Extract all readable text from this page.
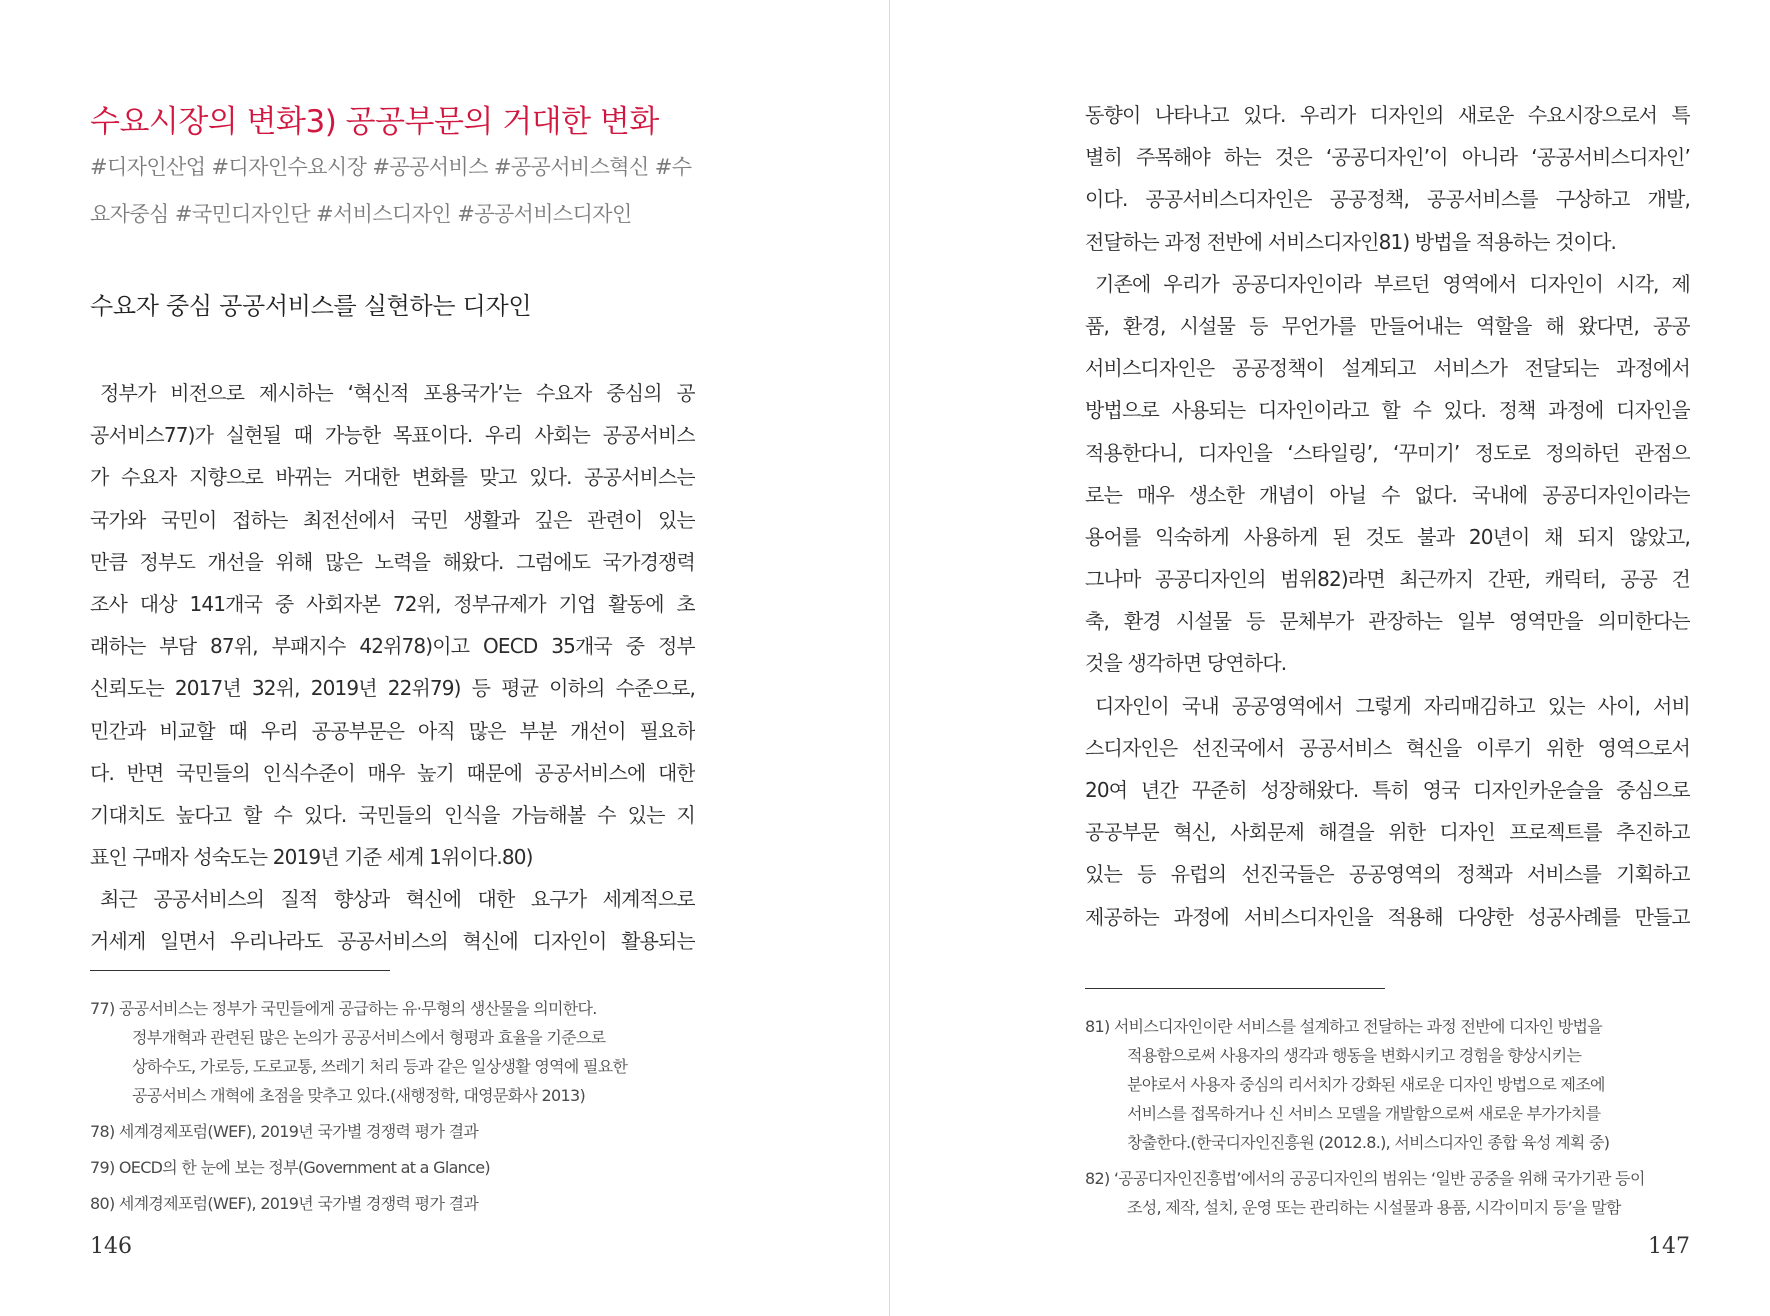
수요시장의 변화3) 공공부문의 거대한 변화

#디자인산업 #디자인수요시장 #공공서비스 #공공서비스혁신 #수
요자중심 #국민디자인단 #서비스디자인 #공공서비스디자인

수요자 중심 공공서비스를 실현하는 디자인
정부가 비전으로 제시하는 ‘혁신적 포용국가’는 수요자 중심의 공
공서비스77)가 실현될 때 가능한 목표이다. 우리 사회는 공공서비스
가 수요자 지향으로 바뀌는 거대한 변화를 맞고 있다. 공공서비스는
국가와 국민이 접하는 최전선에서 국민 생활과 깊은 관련이 있는
만큼 정부도 개선을 위해 많은 노력을 해왔다. 그럼에도 국가경쟁력
조사 대상 141개국 중 사회자본 72위, 정부규제가 기업 활동에 초
래하는 부담 87위, 부패지수 42위78)이고 OECD 35개국 중 정부
신뢰도는 2017년 32위, 2019년 22위79) 등 평균 이하의 수준으로,
민간과 비교할 때 우리 공공부문은 아직 많은 부분 개선이 필요하
다. 반면 국민들의 인식수준이 매우 높기 때문에 공공서비스에 대한
기대치도 높다고 할 수 있다. 국민들의 인식을 가늠해볼 수 있는 지
표인 구매자 성숙도는 2019년 기준 세계 1위이다.80)
최근 공공서비스의 질적 향상과 혁신에 대한 요구가 세계적으로
거세게 일면서 우리나라도 공공서비스의 혁신에 디자인이 활용되는
77) 공공서비스는 정부가 국민들에게 공급하는 유·무형의 생산물을 의미한다.
정부개혁과 관련된 많은 논의가 공공서비스에서 형평과 효율을 기준으로
상하수도, 가로등, 도로교통, 쓰레기 처리 등과 같은 일상생활 영역에 필요한
공공서비스 개혁에 초점을 맞추고 있다.(새행정학, 대영문화사 2013)
78) 세계경제포럼(WEF), 2019년 국가별 경쟁력 평가 결과
79) OECD의 한 눈에 보는 정부(Government at a Glance)
80) 세계경제포럼(WEF), 2019년 국가별 경쟁력 평가 결과
146
동향이 나타나고 있다. 우리가 디자인의 새로운 수요시장으로서 특
별히 주목해야 하는 것은 ‘공공디자인’이 아니라 ‘공공서비스디자인’
이다. 공공서비스디자인은 공공정책, 공공서비스를 구상하고 개발,
전달하는 과정 전반에 서비스디자인81) 방법을 적용하는 것이다.
기존에 우리가 공공디자인이라 부르던 영역에서 디자인이 시각, 제
품, 환경, 시설물 등 무언가를 만들어내는 역할을 해 왔다면, 공공
서비스디자인은 공공정책이 설계되고 서비스가 전달되는 과정에서
방법으로 사용되는 디자인이라고 할 수 있다. 정책 과정에 디자인을
적용한다니, 디자인을 ‘스타일링’, ‘꾸미기’ 정도로 정의하던 관점으
로는 매우 생소한 개념이 아닐 수 없다. 국내에 공공디자인이라는
용어를 익숙하게 사용하게 된 것도 불과 20년이 채 되지 않았고,
그나마 공공디자인의 범위82)라면 최근까지 간판, 캐릭터, 공공 건
축, 환경 시설물 등 문체부가 관장하는 일부 영역만을 의미한다는
것을 생각하면 당연하다.
디자인이 국내 공공영역에서 그렇게 자리매김하고 있는 사이, 서비
스디자인은 선진국에서 공공서비스 혁신을 이루기 위한 영역으로서
20여 년간 꾸준히 성장해왔다. 특히 영국 디자인카운슬을 중심으로
공공부문 혁신, 사회문제 해결을 위한 디자인 프로젝트를 추진하고
있는 등 유럽의 선진국들은 공공영역의 정책과 서비스를 기획하고
제공하는 과정에 서비스디자인을 적용해 다양한 성공사례를 만들고
81) 서비스디자인이란 서비스를 설계하고 전달하는 과정 전반에 디자인 방법을
적용함으로써 사용자의 생각과 행동을 변화시키고 경험을 향상시키는
분야로서 사용자 중심의 리서치가 강화된 새로운 디자인 방법으로 제조에
서비스를 접목하거나 신 서비스 모델을 개발함으로써 새로운 부가가치를
창출한다.(한국디자인진흥원 (2012.8.), 서비스디자인 종합 육성 계획 중)
82) ‘공공디자인진흥법’에서의 공공디자인의 범위는 ‘일반 공중을 위해 국가기관 등이
조성, 제작, 설치, 운영 또는 관리하는 시설물과 용품, 시각이미지 등’을 말함
147
